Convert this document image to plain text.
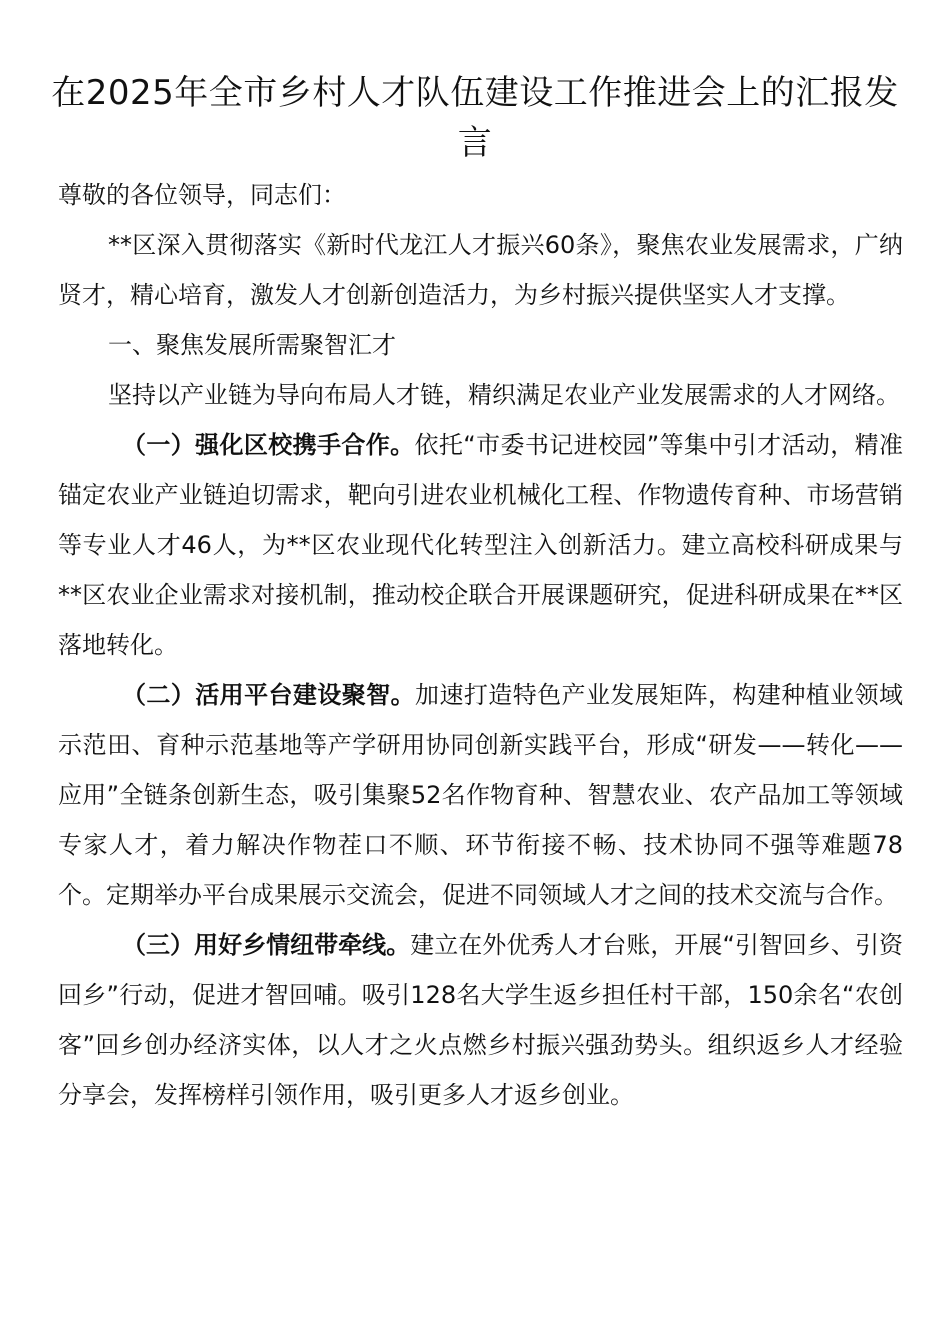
在2025年全市乡村人才队伍建设工作推进会上的汇报发言

尊敬的各位领导，同志们：

**区深入贯彻落实《新时代龙江人才振兴60条》，聚焦农业发展需求，广纳贤才，精心培育，激发人才创新创造活力，为乡村振兴提供坚实人才支撑。

一、聚焦发展所需聚智汇才

坚持以产业链为导向布局人才链，精织满足农业产业发展需求的人才网络。

（一）强化区校携手合作。依托“市委书记进校园”等集中引才活动，精准锚定农业产业链迫切需求，靶向引进农业机械化工程、作物遗传育种、市场营销等专业人才46人，为**区农业现代化转型注入创新活力。建立高校科研成果与**区农业企业需求对接机制，推动校企联合开展课题研究，促进科研成果在**区落地转化。

（二）活用平台建设聚智。加速打造特色产业发展矩阵，构建种植业领域示范田、育种示范基地等产学研用协同创新实践平台，形成“研发——转化——应用”全链条创新生态，吸引集聚52名作物育种、智慧农业、农产品加工等领域专家人才，着力解决作物茬口不顺、环节衔接不畅、技术协同不强等难题78个。定期举办平台成果展示交流会，促进不同领域人才之间的技术交流与合作。

（三）用好乡情纽带牵线。建立在外优秀人才台账，开展“引智回乡、引资回乡”行动，促进才智回哺。吸引128名大学生返乡担任村干部，150余名“农创客”回乡创办经济实体，以人才之火点燃乡村振兴强劲势头。组织返乡人才经验分享会，发挥榜样引领作用，吸引更多人才返乡创业。
